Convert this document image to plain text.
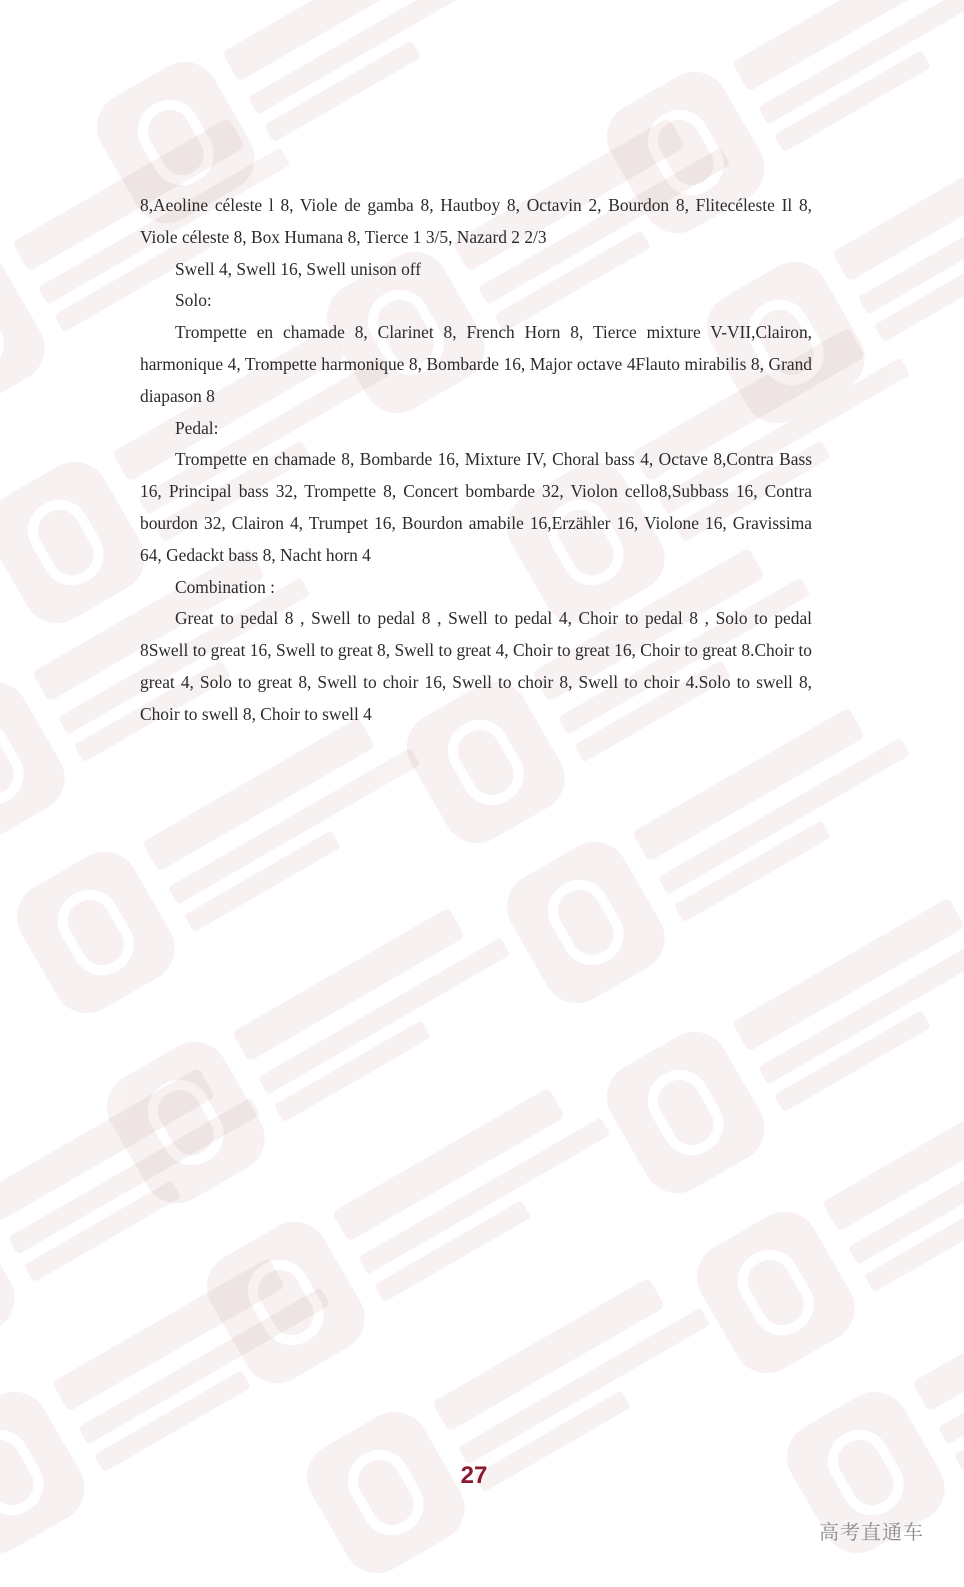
8,Aeoline céleste l 8, Viole de gamba 8, Hautboy 8, Octavin 2, Bourdon 8, Flitecéleste Il 8, Viole céleste 8, Box Humana 8, Tierce 1 3/5, Nazard 2 2/3

Swell 4, Swell 16, Swell unison off

Solo:

Trompette en chamade 8, Clarinet 8, French Horn 8, Tierce mixture V-VII,Clairon, harmonique 4, Trompette harmonique 8, Bombarde 16, Major octave 4Flauto mirabilis 8, Grand diapason 8

Pedal:

Trompette en chamade 8, Bombarde 16, Mixture IV, Choral bass 4, Octave 8,Contra Bass 16, Principal bass 32, Trompette 8, Concert bombarde 32, Violon cello8,Subbass 16, Contra bourdon 32, Clairon 4, Trumpet 16, Bourdon amabile 16,Erzähler 16, Violone 16, Gravissima 64, Gedackt bass 8, Nacht horn 4

Combination :

Great to pedal 8 , Swell to pedal 8 , Swell to pedal 4, Choir to pedal 8 , Solo to pedal 8Swell to great 16, Swell to great 8, Swell to great 4, Choir to great 16, Choir to great 8.Choir to great 4, Solo to great 8, Swell to choir 16, Swell to choir 8, Swell to choir 4.Solo to swell 8, Choir to swell 8, Choir to swell 4

27
高考直通车
